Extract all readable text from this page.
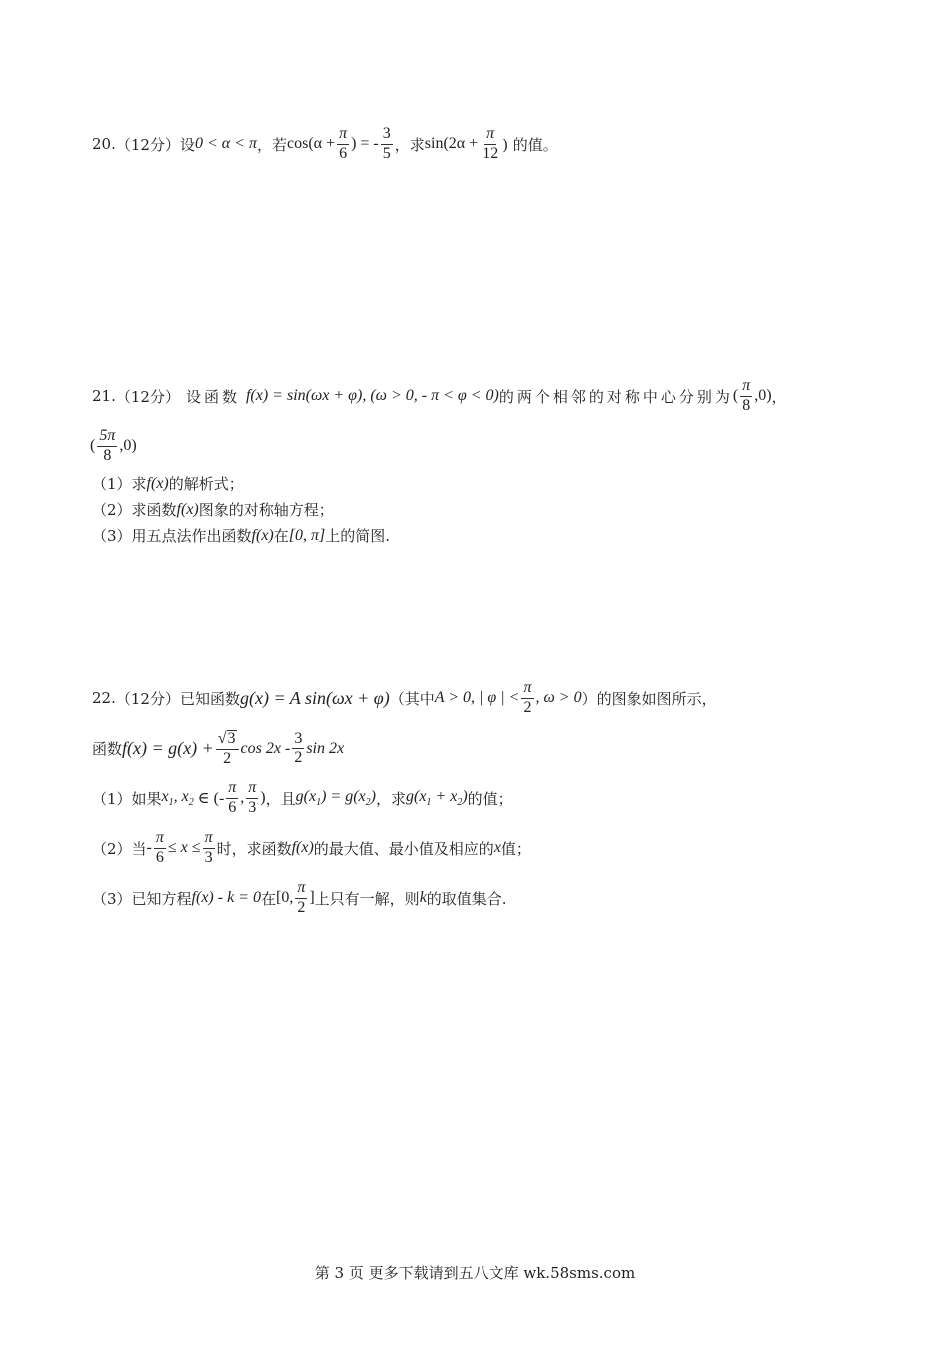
20. （12分） 设 0 < α < π ，若 $\cos(\alpha + \frac{\pi}{6}$ ) = - $\frac{3}{5}$ ，求 $\sin(2\alpha + \frac{\pi}{12}$ ) 的值。
21. （12分） 设函数 f(x) = sin(ωx + φ), (ω > 0, - π < φ < 0) 的两个相邻的对称中心分别为 ( $\frac{\pi}{8} ,0$) ，
( $\frac{5\pi}{8} ,0$)
（1）求 f(x) 的解析式；
（2）求函数 f(x) 图象的对称轴方程；
（3）用五点法作出函数 f(x) 在 [0, π] 上的简图.
22. （12分） 已知函数 g(x) = A sin(ωx + φ) （其中 A > 0, | φ | < $\frac{\pi}{2}$ , ω > 0 ）的图象如图所示，
函数 $f(x) = g(x) + \frac{√ 3}{2}$ $\cos 2x - \frac{3}{2}$ sin 2x
（1）如果 $x_1$, $x_2$ ∈ (- $\frac{\pi}{6}$ , $\frac{\pi}{3}$ ) ，且 $g(x_1) = g(x_2)$ ，求 $g(x_1 + x_2)$ 的值；
（2）当 - $\frac{\pi}{6} \le x \le \frac{\pi}{3}$ 时，求函数 f(x) 的最大值、最小值及相应的 x 值；
（3）已知方程 f(x) - k = 0 在 [0, $\frac{\pi}{2}$ ] 上只有一解，则 k 的取值集合.
第 3 页 更多下载请到五八文库 wk.58sms.com
